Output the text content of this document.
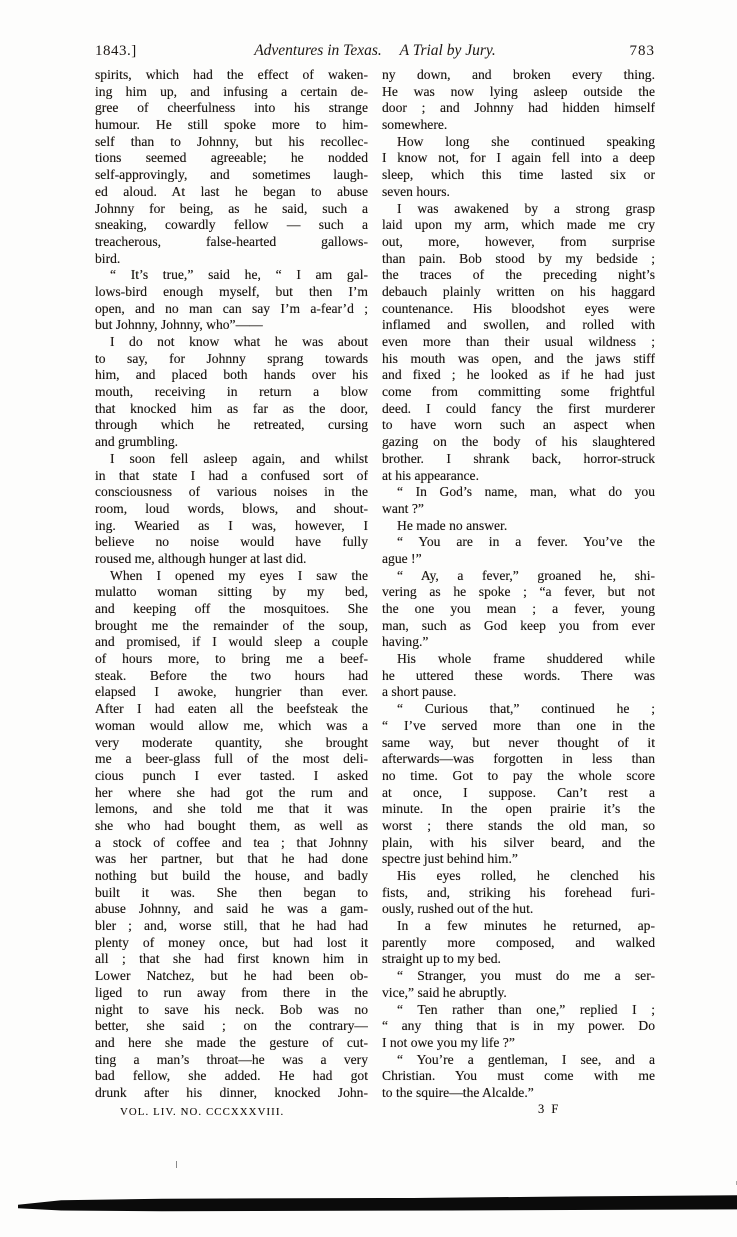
1843.]	Adventures in Texas. A Trial by Jury.	783
spirits, which had the effect of waken-
ing him up, and infusing a certain de-
gree of cheerfulness into his strange
humour. He still spoke more to him-
self than to Johnny, but his recollec-
tions seemed agreeable; he nodded
self-approvingly, and sometimes laugh-
ed aloud. At last he began to abuse
Johnny for being, as he said, such a
sneaking, cowardly fellow — such a
treacherous, false-hearted gallows-
bird.
“ It’s true,” said he, “ I am gal-
lows-bird enough myself, but then I’m
open, and no man can say I’m a-fear’d ;
but Johnny, Johnny, who”——
I do not know what he was about
to say, for Johnny sprang towards
him, and placed both hands over his
mouth, receiving in return a blow
that knocked him as far as the door,
through which he retreated, cursing
and grumbling.
I soon fell asleep again, and whilst
in that state I had a confused sort of
consciousness of various noises in the
room, loud words, blows, and shout-
ing. Wearied as I was, however, I
believe no noise would have fully
roused me, although hunger at last did.
When I opened my eyes I saw the
mulatto woman sitting by my bed,
and keeping off the mosquitoes. She
brought me the remainder of the soup,
and promised, if I would sleep a couple
of hours more, to bring me a beef-
steak. Before the two hours had
elapsed I awoke, hungrier than ever.
After I had eaten all the beefsteak the
woman would allow me, which was a
very moderate quantity, she brought
me a beer-glass full of the most deli-
cious punch I ever tasted. I asked
her where she had got the rum and
lemons, and she told me that it was
she who had bought them, as well as
a stock of coffee and tea ; that Johnny
was her partner, but that he had done
nothing but build the house, and badly
built it was. She then began to
abuse Johnny, and said he was a gam-
bler ; and, worse still, that he had had
plenty of money once, but had lost it
all ; that she had first known him in
Lower Natchez, but he had been ob-
liged to run away from there in the
night to save his neck. Bob was no
better, she said ; on the contrary—
and here she made the gesture of cut-
ting a man’s throat—he was a very
bad fellow, she added. He had got
drunk after his dinner, knocked John-
ny down, and broken every thing.
He was now lying asleep outside the
door ; and Johnny had hidden himself
somewhere.
How long she continued speaking
I know not, for I again fell into a deep
sleep, which this time lasted six or
seven hours.
I was awakened by a strong grasp
laid upon my arm, which made me cry
out, more, however, from surprise
than pain. Bob stood by my bedside ;
the traces of the preceding night’s
debauch plainly written on his haggard
countenance. His bloodshot eyes were
inflamed and swollen, and rolled with
even more than their usual wildness ;
his mouth was open, and the jaws stiff
and fixed ; he looked as if he had just
come from committing some frightful
deed. I could fancy the first murderer
to have worn such an aspect when
gazing on the body of his slaughtered
brother. I shrank back, horror-struck
at his appearance.
“ In God’s name, man, what do you
want ?”
He made no answer.
“ You are in a fever. You’ve the
ague !”
“ Ay, a fever,” groaned he, shi-
vering as he spoke ; “a fever, but not
the one you mean ; a fever, young
man, such as God keep you from ever
having.”
His whole frame shuddered while
he uttered these words. There was
a short pause.
“ Curious that,” continued he ;
“ I’ve served more than one in the
same way, but never thought of it
afterwards—was forgotten in less than
no time. Got to pay the whole score
at once, I suppose. Can’t rest a
minute. In the open prairie it’s the
worst ; there stands the old man, so
plain, with his silver beard, and the
spectre just behind him.”
His eyes rolled, he clenched his
fists, and, striking his forehead furi-
ously, rushed out of the hut.
In a few minutes he returned, ap-
parently more composed, and walked
straight up to my bed.
“ Stranger, you must do me a ser-
vice,” said he abruptly.
“ Ten rather than one,” replied I ;
“ any thing that is in my power. Do
I not owe you my life ?”
“ You’re a gentleman, I see, and a
Christian. You must come with me
to the squire—the Alcalde.”
VOL. LIV. NO. CCCXXXVIII.	3 F
